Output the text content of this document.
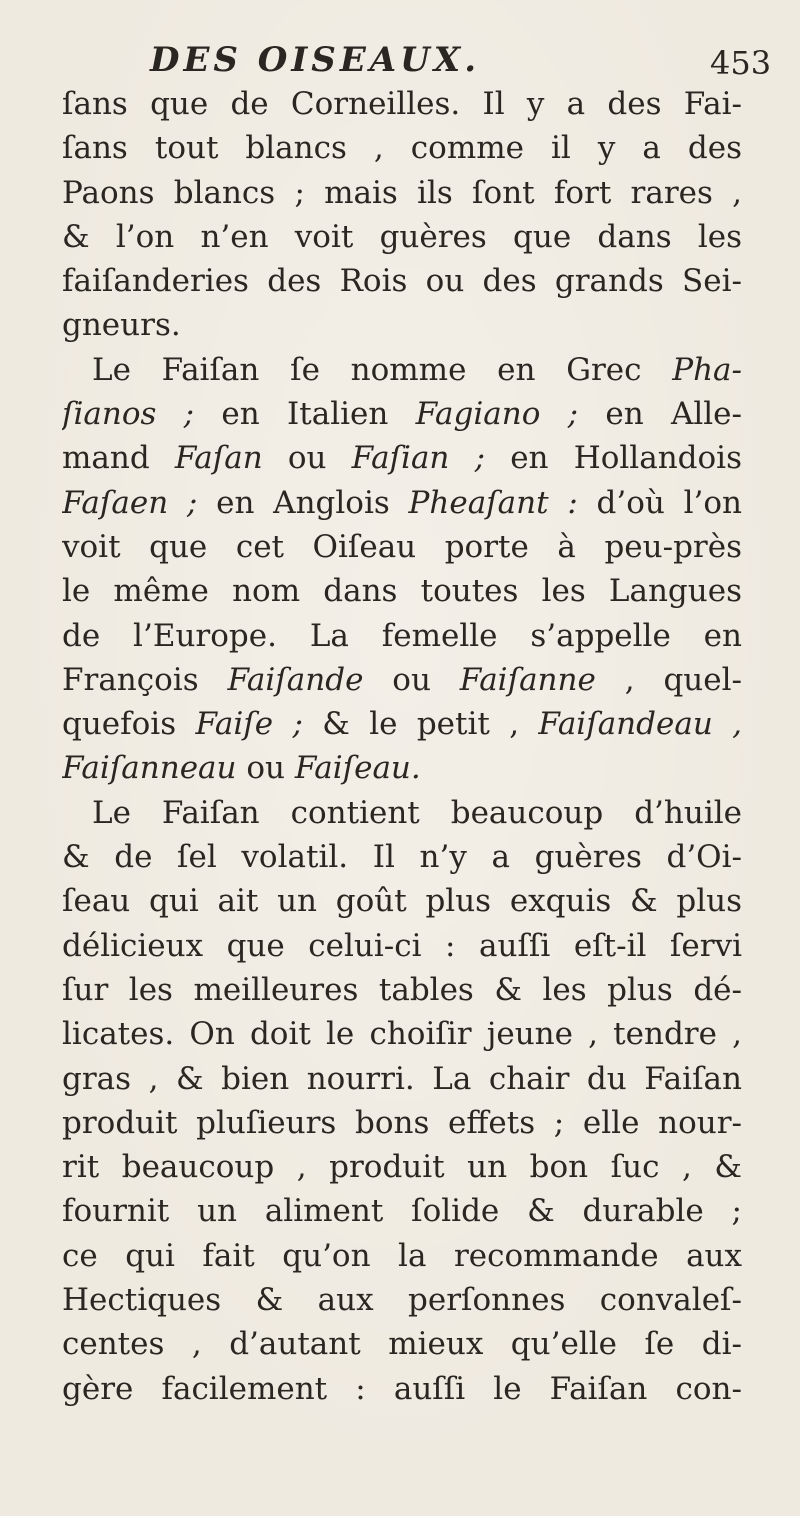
DES OISEAUX.	453
ſans que de Corneilles. Il y a des Fai-
ſans tout blancs , comme il y a des
Paons blancs ; mais ils ſont fort rares ,
& l’on n’en voit guères que dans les
faiſanderies des Rois ou des grands Sei-
gneurs.
Le Faiſan ſe nomme en Grec Pha-
ſianos ; en Italien Fagiano ; en Alle-
mand Faſan ou Faſian ; en Hollandois
Faſaen ; en Anglois Pheaſant : d’où l’on
voit que cet Oiſeau porte à peu-près
le même nom dans toutes les Langues
de l’Europe. La femelle s’appelle en
François Faiſande ou Faiſanne , quel-
quefois Faiſe ; & le petit , Faiſandeau ,
Faiſanneau ou Faiſeau.
Le Faiſan contient beaucoup d’huile
& de ſel volatil. Il n’y a guères d’Oi-
ſeau qui ait un goût plus exquis & plus
délicieux que celui-ci : auſſi eſt-il ſervi
ſur les meilleures tables & les plus dé-
licates. On doit le choiſir jeune , tendre ,
gras , & bien nourri. La chair du Faiſan
produit pluſieurs bons effets ; elle nour-
rit beaucoup , produit un bon ſuc , &
fournit un aliment ſolide & durable ;
ce qui fait qu’on la recommande aux
Hectiques & aux perſonnes convaleſ-
centes , d’autant mieux qu’elle ſe di-
gère facilement : auſſi le Faiſan con-
